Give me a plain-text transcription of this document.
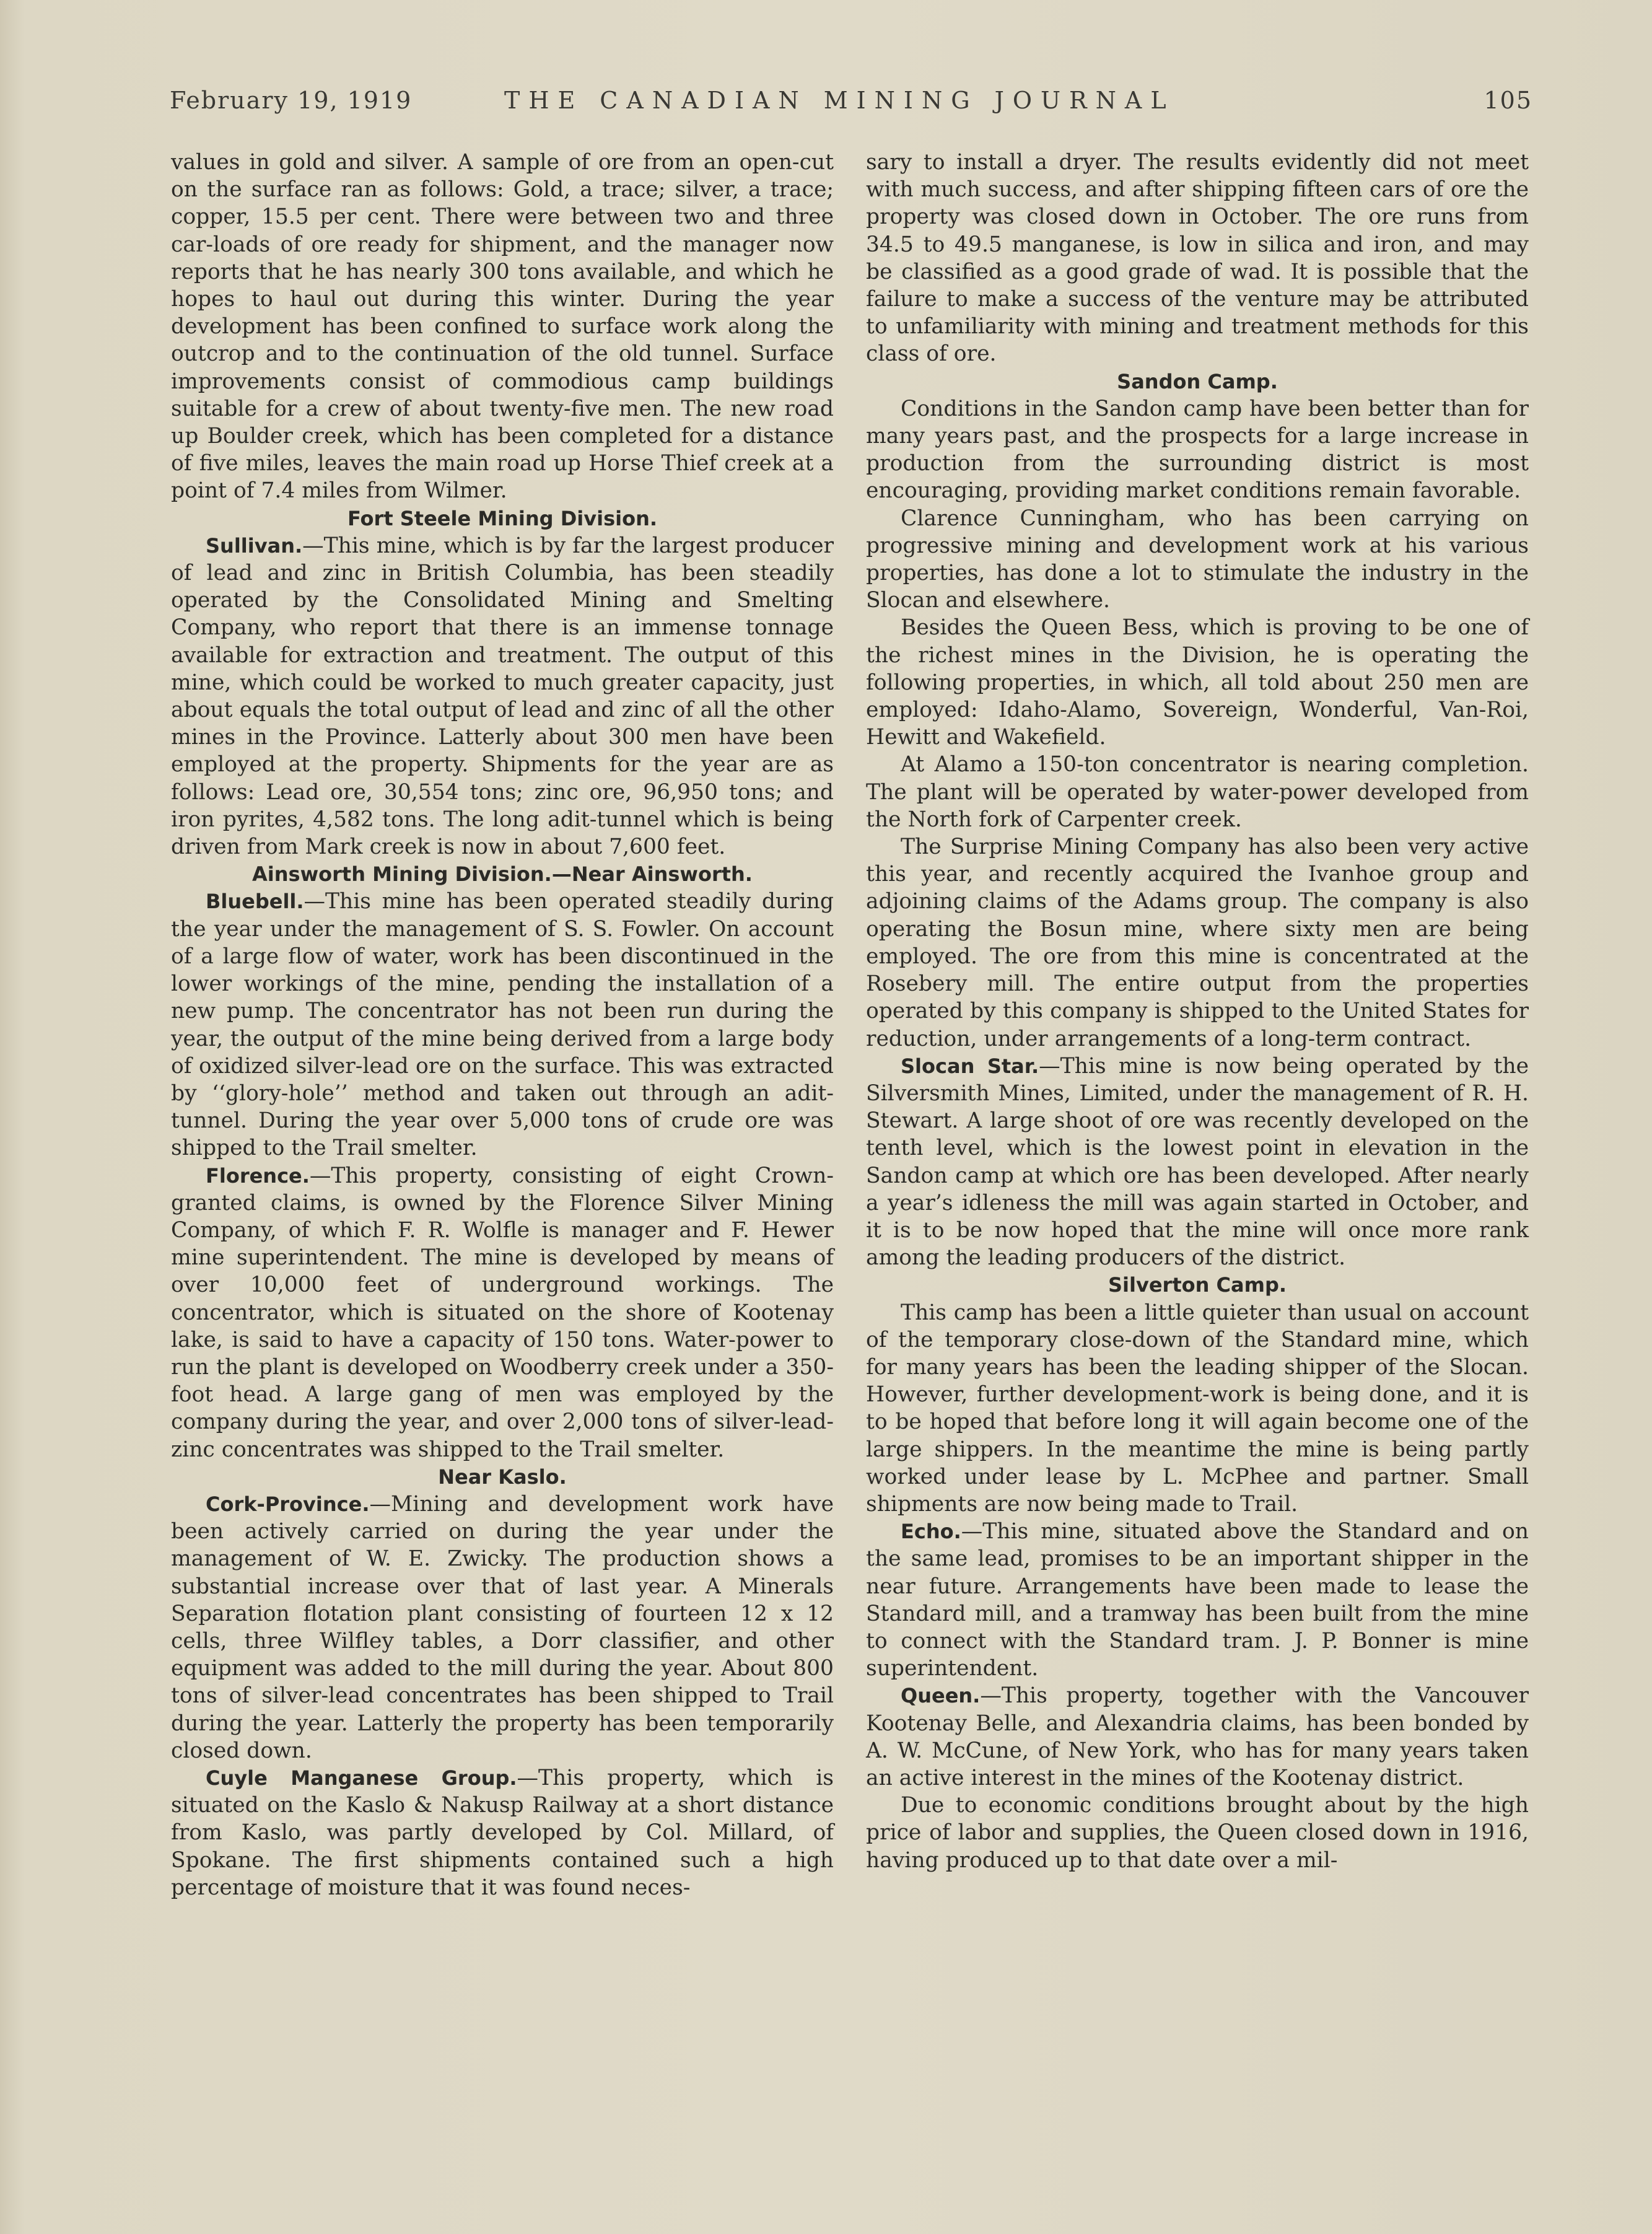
February 19, 1919	THE CANADIAN MINING JOURNAL	105

values in gold and silver. A sample of ore from an open-cut on the surface ran as follows: Gold, a trace; silver, a trace; copper, 15.5 per cent. There were between two and three car-loads of ore ready for shipment, and the manager now reports that he has nearly 300 tons available, and which he hopes to haul out during this winter. During the year development has been confined to surface work along the outcrop and to the continuation of the old tunnel. Surface improvements consist of commodious camp buildings suitable for a crew of about twenty-five men. The new road up Boulder creek, which has been completed for a distance of five miles, leaves the main road up Horse Thief creek at a point of 7.4 miles from Wilmer.

Fort Steele Mining Division.

Sullivan.—This mine, which is by far the largest producer of lead and zinc in British Columbia, has been steadily operated by the Consolidated Mining and Smelting Company, who report that there is an immense tonnage available for extraction and treatment. The output of this mine, which could be worked to much greater capacity, just about equals the total output of lead and zinc of all the other mines in the Province. Latterly about 300 men have been employed at the property. Shipments for the year are as follows: Lead ore, 30,554 tons; zinc ore, 96,950 tons; and iron pyrites, 4,582 tons. The long adit-tunnel which is being driven from Mark creek is now in about 7,600 feet.

Ainsworth Mining Division.—Near Ainsworth.

Bluebell.—This mine has been operated steadily during the year under the management of S. S. Fowler. On account of a large flow of water, work has been discontinued in the lower workings of the mine, pending the installation of a new pump. The concentrator has not been run during the year, the output of the mine being derived from a large body of oxidized silver-lead ore on the surface. This was extracted by ‘‘glory-hole’’ method and taken out through an adit-tunnel. During the year over 5,000 tons of crude ore was shipped to the Trail smelter.

Florence.—This property, consisting of eight Crown-granted claims, is owned by the Florence Silver Mining Company, of which F. R. Wolfle is manager and F. Hewer mine superintendent. The mine is developed by means of over 10,000 feet of underground workings. The concentrator, which is situated on the shore of Kootenay lake, is said to have a capacity of 150 tons. Water-power to run the plant is developed on Woodberry creek under a 350-foot head. A large gang of men was employed by the company during the year, and over 2,000 tons of silver-lead-zinc concentrates was shipped to the Trail smelter.

Near Kaslo.

Cork-Province.—Mining and development work have been actively carried on during the year under the management of W. E. Zwicky. The production shows a substantial increase over that of last year. A Minerals Separation flotation plant consisting of fourteen 12 x 12 cells, three Wilfley tables, a Dorr classifier, and other equipment was added to the mill during the year. About 800 tons of silver-lead concentrates has been shipped to Trail during the year. Latterly the property has been temporarily closed down.

Cuyle Manganese Group.—This property, which is situated on the Kaslo & Nakusp Railway at a short distance from Kaslo, was partly developed by Col. Millard, of Spokane. The first shipments contained such a high percentage of moisture that it was found neces-

sary to install a dryer. The results evidently did not meet with much success, and after shipping fifteen cars of ore the property was closed down in October. The ore runs from 34.5 to 49.5 manganese, is low in silica and iron, and may be classified as a good grade of wad. It is possible that the failure to make a success of the venture may be attributed to unfamiliarity with mining and treatment methods for this class of ore.

Sandon Camp.

Conditions in the Sandon camp have been better than for many years past, and the prospects for a large increase in production from the surrounding district is most encouraging, providing market conditions remain favorable.

Clarence Cunningham, who has been carrying on progressive mining and development work at his various properties, has done a lot to stimulate the industry in the Slocan and elsewhere.

Besides the Queen Bess, which is proving to be one of the richest mines in the Division, he is operating the following properties, in which, all told about 250 men are employed: Idaho-Alamo, Sovereign, Wonderful, Van-Roi, Hewitt and Wakefield.

At Alamo a 150-ton concentrator is nearing completion. The plant will be operated by water-power developed from the North fork of Carpenter creek.

The Surprise Mining Company has also been very active this year, and recently acquired the Ivanhoe group and adjoining claims of the Adams group. The company is also operating the Bosun mine, where sixty men are being employed. The ore from this mine is concentrated at the Rosebery mill. The entire output from the properties operated by this company is shipped to the United States for reduction, under arrangements of a long-term contract.

Slocan Star.—This mine is now being operated by the Silversmith Mines, Limited, under the management of R. H. Stewart. A large shoot of ore was recently developed on the tenth level, which is the lowest point in elevation in the Sandon camp at which ore has been developed. After nearly a year’s idleness the mill was again started in October, and it is to be now hoped that the mine will once more rank among the leading producers of the district.

Silverton Camp.

This camp has been a little quieter than usual on account of the temporary close-down of the Standard mine, which for many years has been the leading shipper of the Slocan. However, further development-work is being done, and it is to be hoped that before long it will again become one of the large shippers. In the meantime the mine is being partly worked under lease by L. McPhee and partner. Small shipments are now being made to Trail.

Echo.—This mine, situated above the Standard and on the same lead, promises to be an important shipper in the near future. Arrangements have been made to lease the Standard mill, and a tramway has been built from the mine to connect with the Standard tram. J. P. Bonner is mine superintendent.

Queen.—This property, together with the Vancouver Kootenay Belle, and Alexandria claims, has been bonded by A. W. McCune, of New York, who has for many years taken an active interest in the mines of the Kootenay district.

Due to economic conditions brought about by the high price of labor and supplies, the Queen closed down in 1916, having produced up to that date over a mil-
